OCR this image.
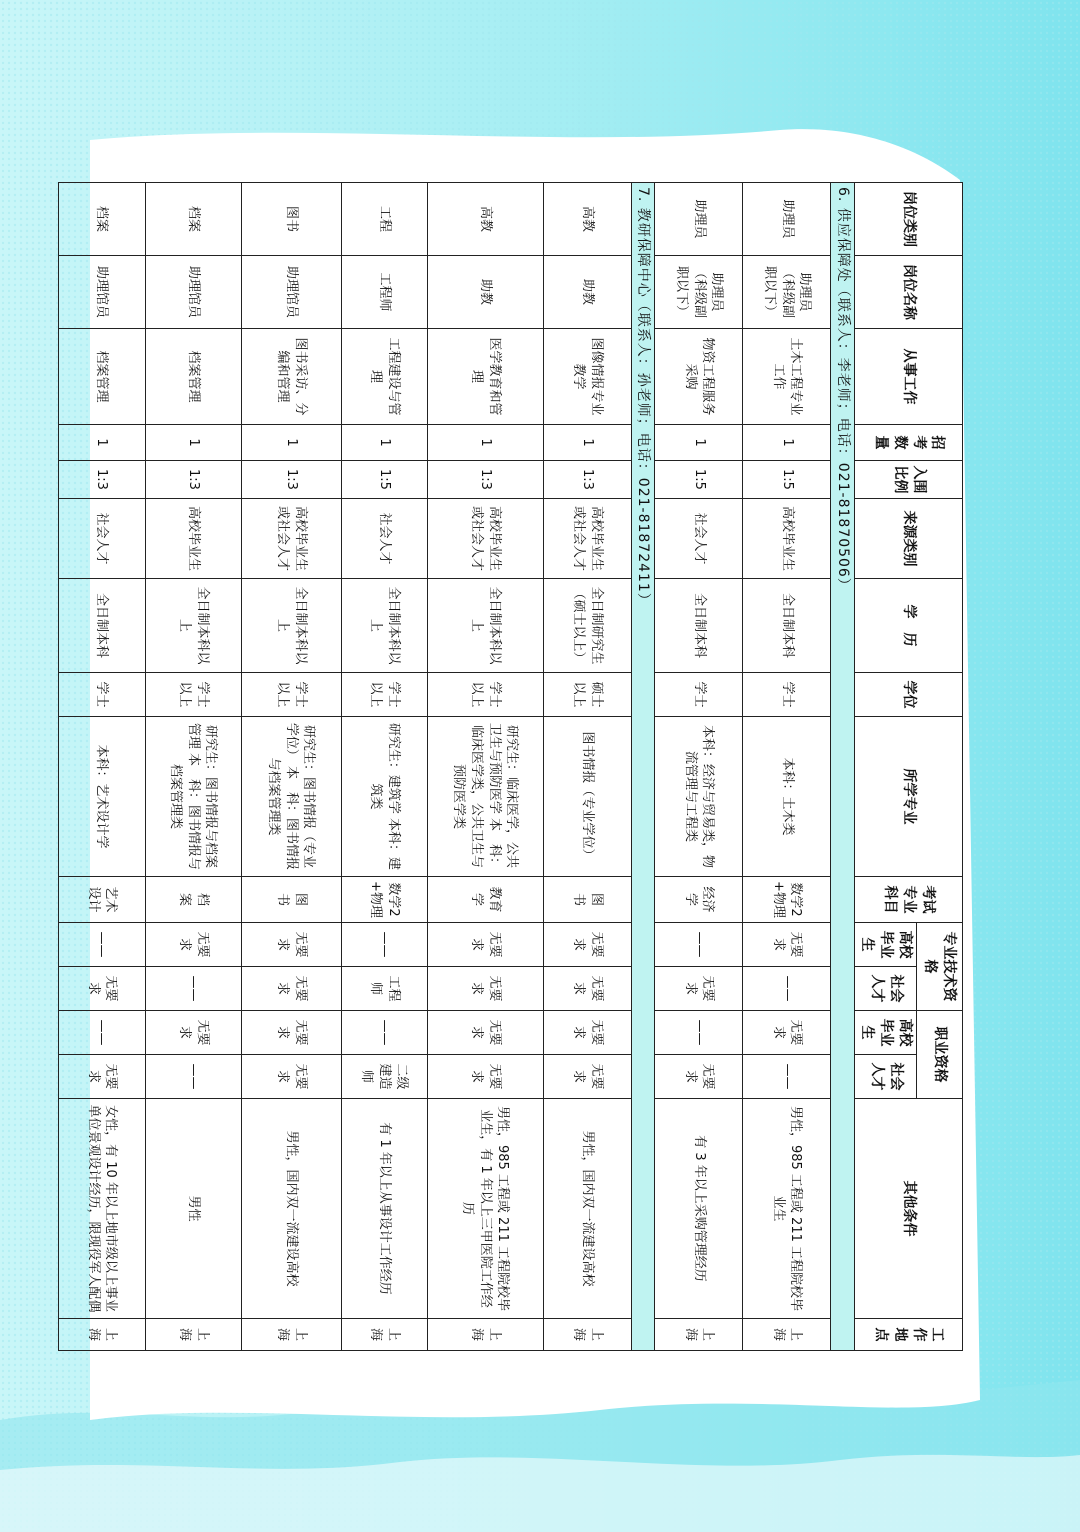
岗位类别	岗位名称	从事工作	招考数量	入围比例	来源类别	学　历	学位	所学专业	考试专业科目	专业技术资格		职业资格		其他条件	工作地点
										高校毕业生	社会人才	高校毕业生	社会人才		
6. 供应保障处（联系人：李老师；电话：021-81870506）															
助理员	助理员（科级副职以下）	土木工程专业工作	1	1:5	高校毕业生	全日制本科	学士	本科：土木类	数学2+物理	无要求	——	无要求	——	男性，985 工程或 211 工程院校毕业生	上海
助理员	助理员（科级副职以下）	物资工程服务采购	1	1:5	社会人才	全日制本科	学士	本科：经济与贸易类，物流管理与工程类	经济学	——	无要求	——	无要求	有 3 年以上采购管理经历	上海
7. 教研保障中心（联系人：孙老师；电话：021-81872411）															
高教	助教	图像情报专业教学	1	1:3	高校毕业生或社会人才	全日制研究生（硕士以上）	硕士以上	图书情报（专业学位）	图　书	无要求	无要求	无要求	无要求	男性，国内双一流建设高校	上海
高教	助教	医学教育和管理	1	1:3	高校毕业生或社会人才	全日制本科以上	学士以上	研究生：临床医学，公共卫生与预防医学 本　科：临床医学类，公共卫生与预防医学类	教育学	无要求	无要求	无要求	无要求	男性，985 工程或 211 工程院校毕业生，有 1 年以上三甲医院工作经历	上海
工程	工程师	工程建设与管理	1	1:5	社会人才	全日制本科以上	学士以上	研究生：建筑学 本科：建筑类	数学2+物理	——	工程师	——	二级建造师	有 1 年以上从事设计工作经历	上海
图书	助理馆员	图书采访、分编和管理	1	1:3	高校毕业生或社会人才	全日制本科以上	学士以上	研究生：图书情报（专业学位） 本　科：图书情报与档案管理类	图　书	无要求	无要求	无要求	无要求	男性，国内双一流建设高校	上海
档案	助理馆员	档案管理	1	1:3	高校毕业生	全日制本科以上	学士以上	研究生：图书情报与档案管理 本　科：图书情报与档案管理类	档　案	无要求	——	无要求	——	男性	上海
档案	助理馆员	档案管理	1	1:3	社会人才	全日制本科	学士	本科：艺术设计学	艺术设计	——	无要求	——	无要求	女性，有 10 年以上地市级以上事业单位景观设计经历，限现役军人配偶	上海
